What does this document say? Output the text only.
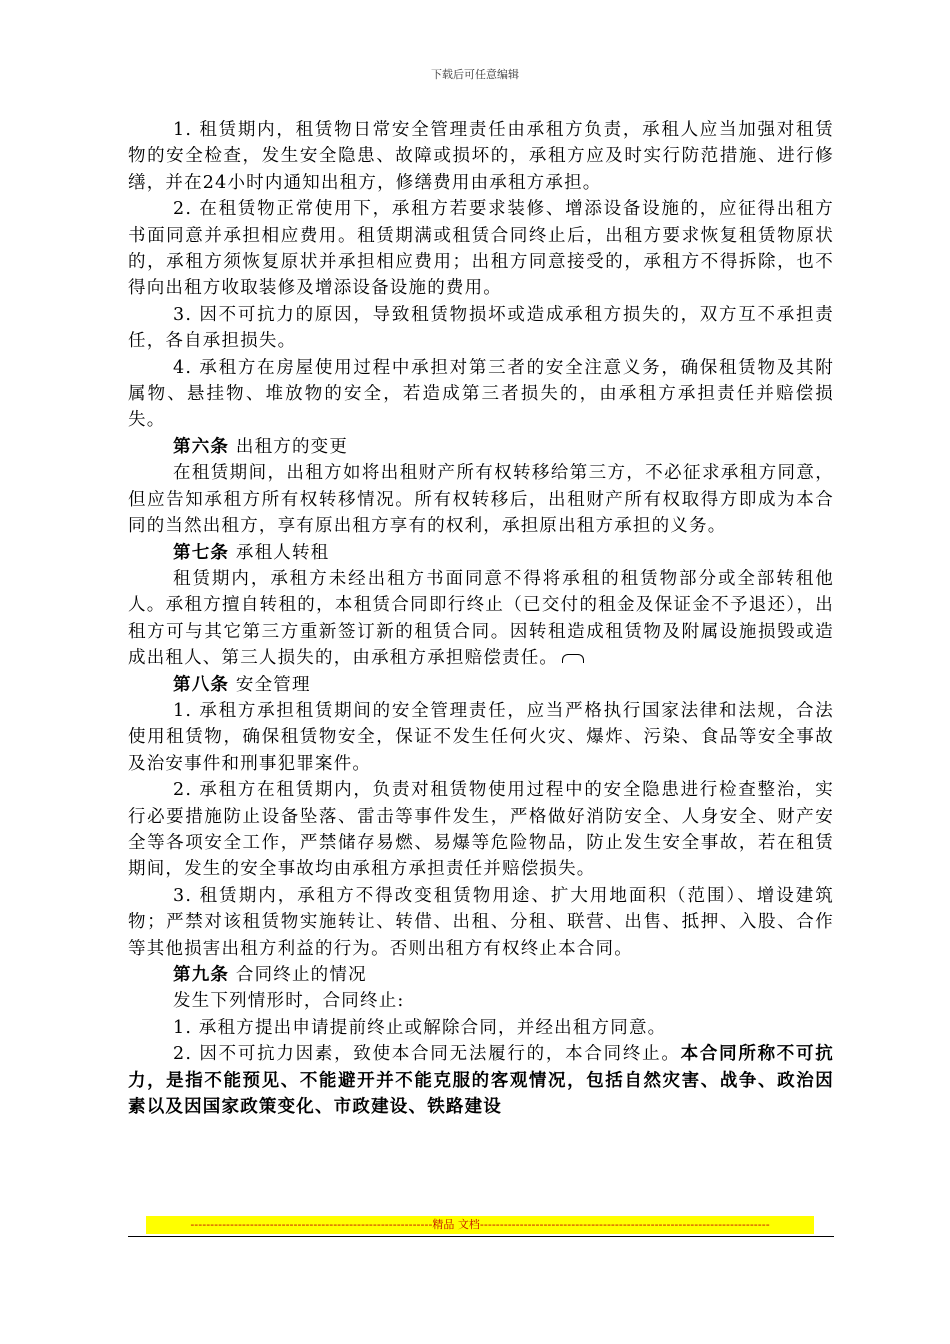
下载后可任意编辑

1. 租赁期内，租赁物日常安全管理责任由承租方负责，承租人应当加强对租赁物的安全检查，发生安全隐患、故障或损坏的，承租方应及时实行防范措施、进行修缮，并在24小时内通知出租方，修缮费用由承租方承担。

2. 在租赁物正常使用下，承租方若要求装修、增添设备设施的，应征得出租方书面同意并承担相应费用。租赁期满或租赁合同终止后，出租方要求恢复租赁物原状的，承租方须恢复原状并承担相应费用；出租方同意接受的，承租方不得拆除，也不得向出租方收取装修及增添设备设施的费用。

3. 因不可抗力的原因，导致租赁物损坏或造成承租方损失的，双方互不承担责任，各自承担损失。

4. 承租方在房屋使用过程中承担对第三者的安全注意义务，确保租赁物及其附属物、悬挂物、堆放物的安全，若造成第三者损失的，由承租方承担责任并赔偿损失。

第六条 出租方的变更

在租赁期间，出租方如将出租财产所有权转移给第三方，不必征求承租方同意，但应告知承租方所有权转移情况。所有权转移后，出租财产所有权取得方即成为本合同的当然出租方，享有原出租方享有的权利，承担原出租方承担的义务。

第七条 承租人转租

租赁期内，承租方未经出租方书面同意不得将承租的租赁物部分或全部转租他人。承租方擅自转租的，本租赁合同即行终止（已交付的租金及保证金不予退还），出租方可与其它第三方重新签订新的租赁合同。因转租造成租赁物及附属设施损毁或造成出租人、第三人损失的，由承租方承担赔偿责任。

第八条 安全管理

1. 承租方承担租赁期间的安全管理责任，应当严格执行国家法律和法规，合法使用租赁物，确保租赁物安全，保证不发生任何火灾、爆炸、污染、食品等安全事故及治安事件和刑事犯罪案件。

2. 承租方在租赁期内，负责对租赁物使用过程中的安全隐患进行检查整治，实行必要措施防止设备坠落、雷击等事件发生，严格做好消防安全、人身安全、财产安全等各项安全工作，严禁储存易燃、易爆等危险物品，防止发生安全事故，若在租赁期间，发生的安全事故均由承租方承担责任并赔偿损失。

3. 租赁期内，承租方不得改变租赁物用途、扩大用地面积（范围）、增设建筑物；严禁对该租赁物实施转让、转借、出租、分租、联营、出售、抵押、入股、合作等其他损害出租方利益的行为。否则出租方有权终止本合同。

第九条 合同终止的情况

发生下列情形时，合同终止:

1. 承租方提出申请提前终止或解除合同，并经出租方同意。

2. 因不可抗力因素，致使本合同无法履行的，本合同终止。本合同所称不可抗力，是指不能预见、不能避开并不能克服的客观情况，包括自然灾害、战争、政治因素以及因国家政策变化、市政建设、铁路建设

-------------------------------------------------------------精品 文档-------------------------------------------------------------------------
